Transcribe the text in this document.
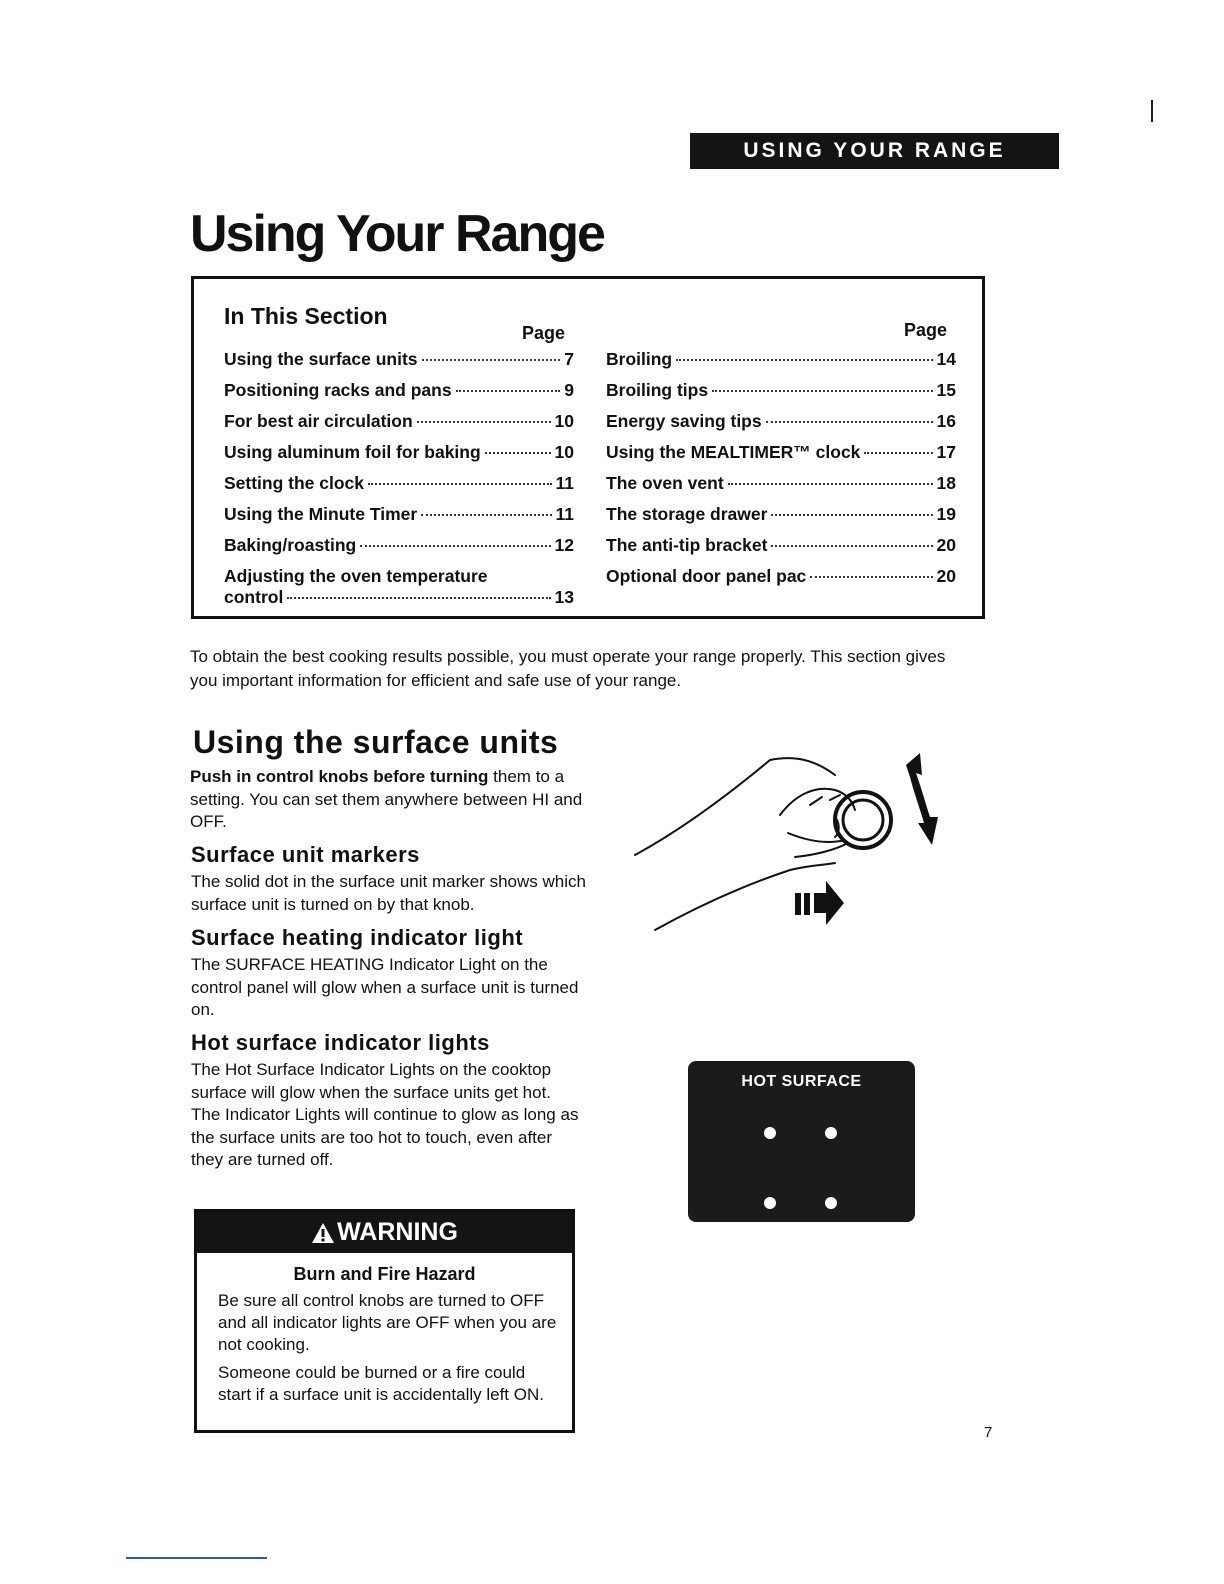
USING YOUR RANGE
Using Your Range
In This Section
Page	Page
Using the surface units	7
Positioning racks and pans	9
For best air circulation	10
Using aluminum foil for baking	10
Setting the clock	11
Using the Minute Timer	11
Baking/roasting	12
Adjusting the oven temperature
control	13
Broiling	14
Broiling tips	15
Energy saving tips	16
Using the MEALTIMER™ clock	17
The oven vent	18
The storage drawer	19
The anti-tip bracket	20
Optional door panel pac	20

To obtain the best cooking results possible, you must operate your range properly. This section gives you important information for efficient and safe use of your range.

Using the surface units

Push in control knobs before turning them to a setting. You can set them anywhere between HI and OFF.

Surface unit markers

The solid dot in the surface unit marker shows which surface unit is turned on by that knob.

Surface heating indicator light

The SURFACE HEATING Indicator Light on the control panel will glow when a surface unit is turned on.

Hot surface indicator lights

The Hot Surface Indicator Lights on the cooktop surface will glow when the surface units get hot. The Indicator Lights will continue to glow as long as the surface units are too hot to touch, even after they are turned off.

HOT SURFACE
WARNING
Burn and Fire Hazard

Be sure all control knobs are turned to OFF and all indicator lights are OFF when you are not cooking.

Someone could be burned or a fire could start if a surface unit is accidentally left ON.

7
